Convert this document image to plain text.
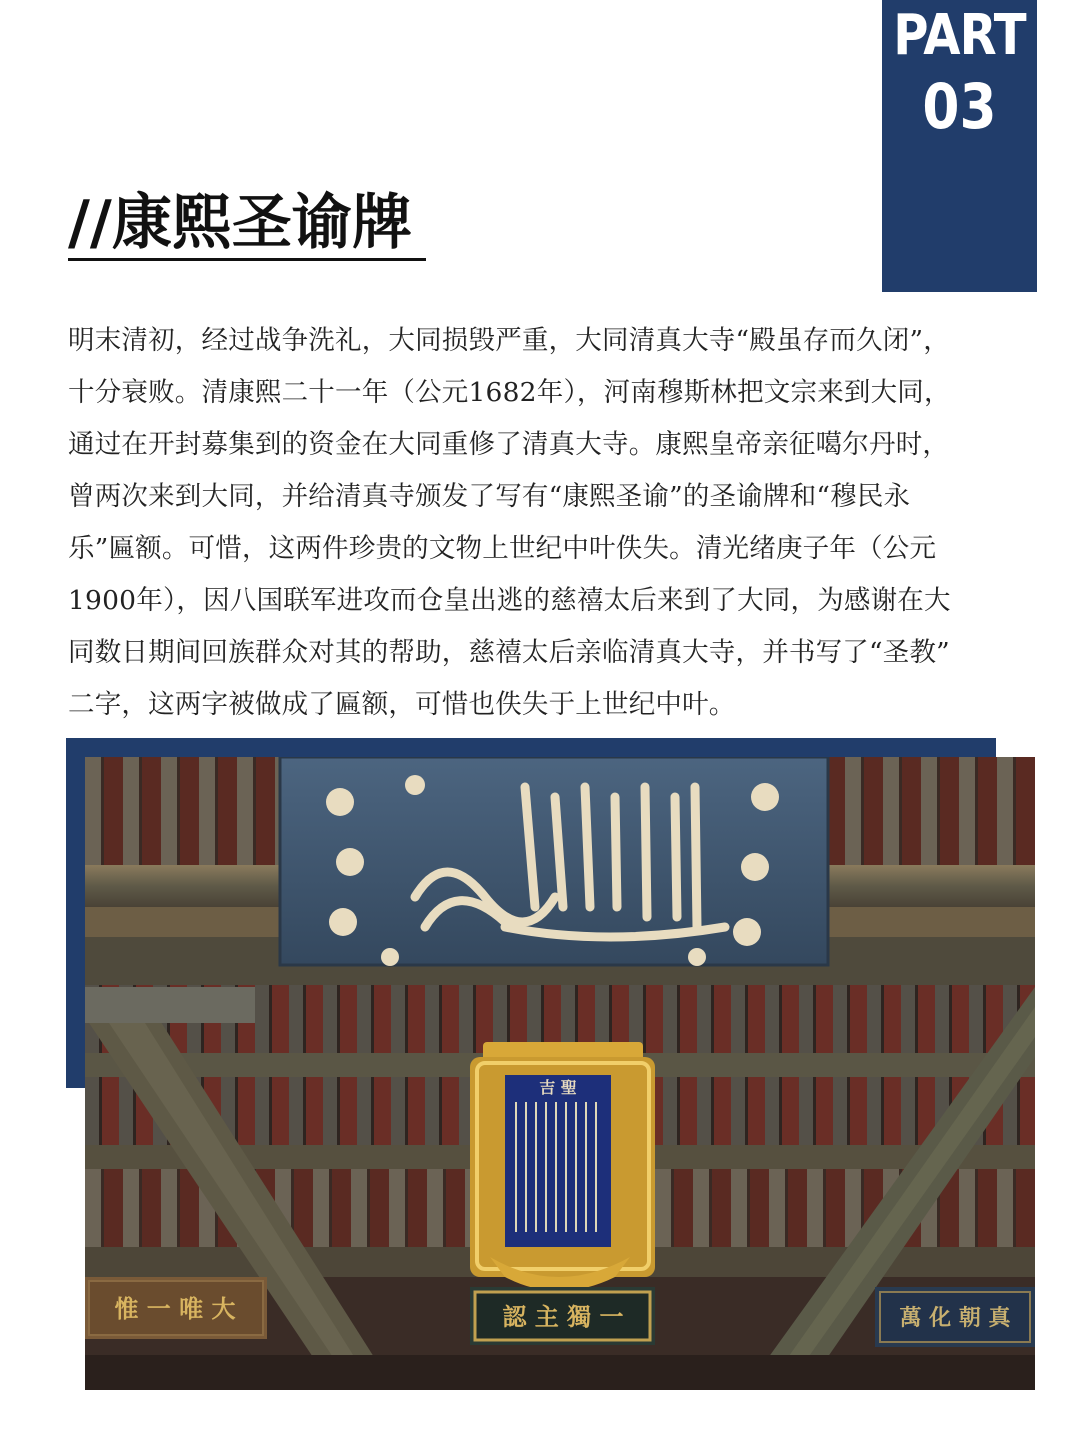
PART
03
//康熙圣谕牌
明末清初，经过战争洗礼，大同损毁严重，大同清真大寺“殿虽存而久闭”，
十分衰败。清康熙二十一年（公元1682年），河南穆斯林把文宗来到大同，
通过在开封募集到的资金在大同重修了清真大寺。康熙皇帝亲征噶尔丹时，
曾两次来到大同，并给清真寺颁发了写有“康熙圣谕”的圣谕牌和“穆民永
乐”匾额。可惜，这两件珍贵的文物上世纪中叶佚失。清光绪庚子年（公元
1900年），因八国联军进攻而仓皇出逃的慈禧太后来到了大同，为感谢在大
同数日期间回族群众对其的帮助，慈禧太后亲临清真大寺，并书写了“圣教”
二字，这两字被做成了匾额，可惜也佚失于上世纪中叶。
吉 聖
惟 一 唯 大	認 主 獨 一	萬 化 朝 真
